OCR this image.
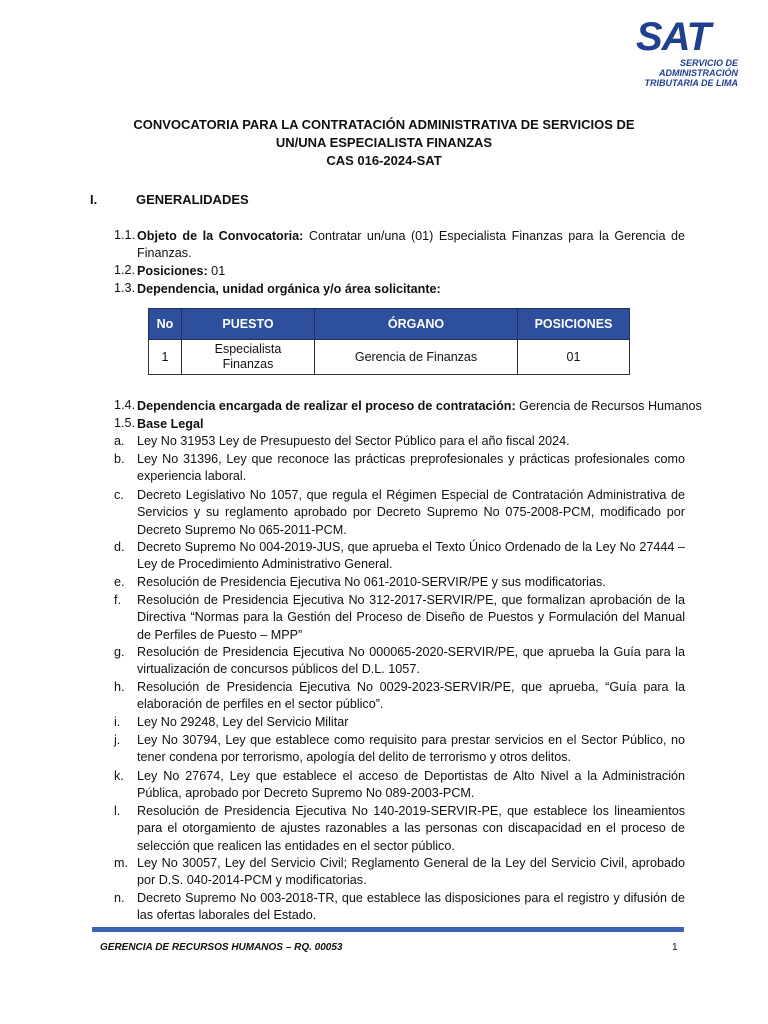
SAT
SERVICIO DE
ADMINISTRACIÓN
TRIBUTARIA DE LIMA
CONVOCATORIA PARA LA CONTRATACIÓN ADMINISTRATIVA DE SERVICIOS DE
UN/UNA ESPECIALISTA FINANZAS
CAS 016-2024-SAT
I.	GENERALIDADES
1.1. Objeto de la Convocatoria: Contratar un/una (01) Especialista Finanzas para la Gerencia de Finanzas.
1.2. Posiciones: 01
1.3. Dependencia, unidad orgánica y/o área solicitante:
No	PUESTO	ÓRGANO	POSICIONES
1	Especialista Finanzas	Gerencia de Finanzas	01
1.4. Dependencia encargada de realizar el proceso de contratación: Gerencia de Recursos Humanos
1.5. Base Legal
a. Ley No 31953 Ley de Presupuesto del Sector Público para el año fiscal 2024.
b. Ley No 31396, Ley que reconoce las prácticas preprofesionales y prácticas profesionales como experiencia laboral.
c. Decreto Legislativo No 1057, que regula el Régimen Especial de Contratación Administrativa de Servicios y su reglamento aprobado por Decreto Supremo No 075-2008-PCM, modificado por Decreto Supremo No 065-2011-PCM.
d. Decreto Supremo No 004-2019-JUS, que aprueba el Texto Único Ordenado de la Ley No 27444 – Ley de Procedimiento Administrativo General.
e. Resolución de Presidencia Ejecutiva No 061-2010-SERVIR/PE y sus modificatorias.
f. Resolución de Presidencia Ejecutiva No 312-2017-SERVIR/PE, que formalizan aprobación de la Directiva “Normas para la Gestión del Proceso de Diseño de Puestos y Formulación del Manual de Perfiles de Puesto – MPP”
g. Resolución de Presidencia Ejecutiva No 000065-2020-SERVIR/PE, que aprueba la Guía para la virtualización de concursos públicos del D.L. 1057.
h. Resolución de Presidencia Ejecutiva No 0029-2023-SERVIR/PE, que aprueba, “Guía para la elaboración de perfiles en el sector público”.
i. Ley No 29248, Ley del Servicio Militar
j. Ley No 30794, Ley que establece como requisito para prestar servicios en el Sector Público, no tener condena por terrorismo, apología del delito de terrorismo y otros delitos.
k. Ley No 27674, Ley que establece el acceso de Deportistas de Alto Nivel a la Administración Pública, aprobado por Decreto Supremo No 089-2003-PCM.
l. Resolución de Presidencia Ejecutiva No 140-2019-SERVIR-PE, que establece los lineamientos para el otorgamiento de ajustes razonables a las personas con discapacidad en el proceso de selección que realicen las entidades en el sector público.
m. Ley No 30057, Ley del Servicio Civil; Reglamento General de la Ley del Servicio Civil, aprobado por D.S. 040-2014-PCM y modificatorias.
n. Decreto Supremo No 003-2018-TR, que establece las disposiciones para el registro y difusión de las ofertas laborales del Estado.
GERENCIA DE RECURSOS HUMANOS – RQ. 00053	1
